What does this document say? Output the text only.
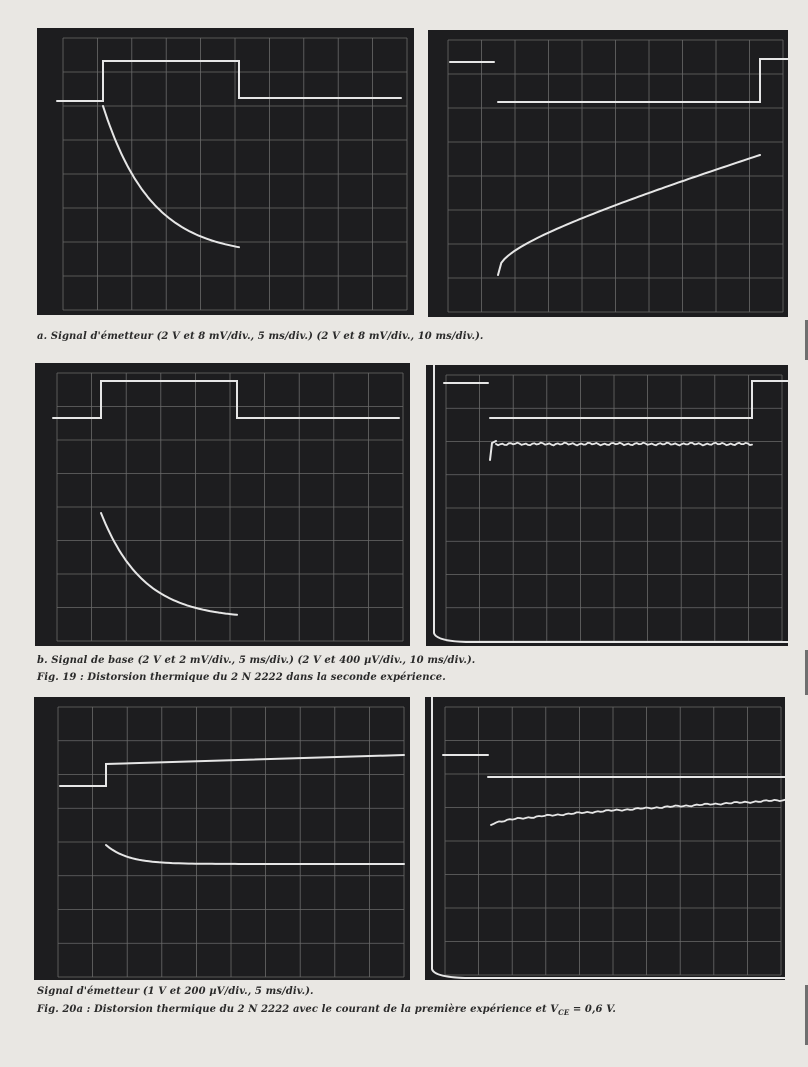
a. Signal d'émetteur (2 V et 8 mV/div., 5 ms/div.) (2 V et 8 mV/div., 10 ms/div.).
b. Signal de base (2 V et 2 mV/div., 5 ms/div.) (2 V et 400 µV/div., 10 ms/div.).
Fig. 19 : Distorsion thermique du 2 N 2222 dans la seconde expérience.
Signal d'émetteur (1 V et 200 µV/div., 5 ms/div.).
Fig. 20a : Distorsion thermique du 2 N 2222 avec le courant de la première expérience et $V_{CE} = 0,6$ V.
